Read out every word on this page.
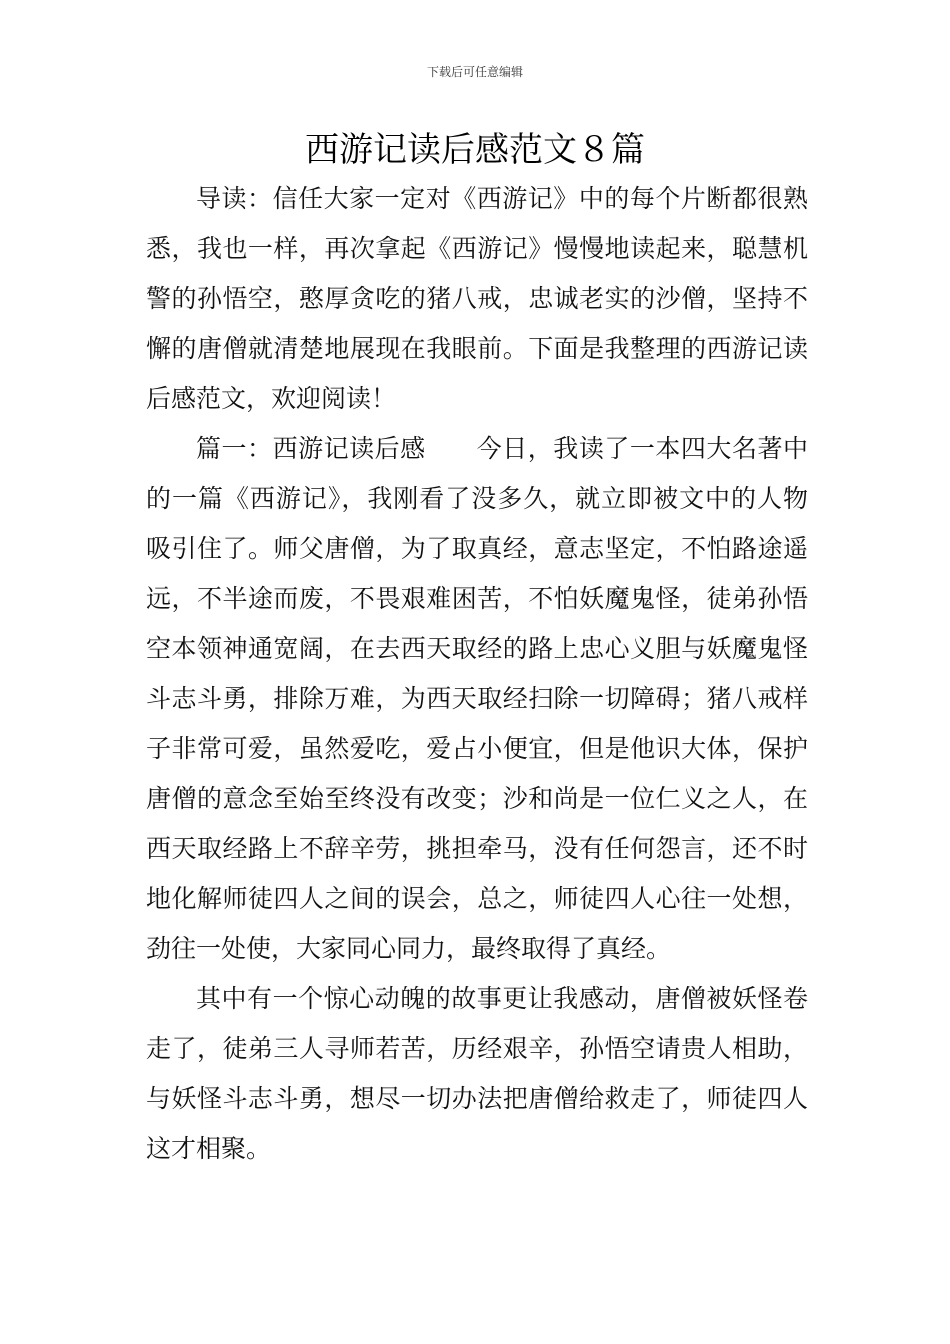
下载后可任意编辑
西游记读后感范文８篇

导读：信任大家一定对《西游记》中的每个片断都很熟悉，我也一样，再次拿起《西游记》慢慢地读起来，聪慧机警的孙悟空，憨厚贪吃的猪八戒，忠诚老实的沙僧，坚持不懈的唐僧就清楚地展现在我眼前。下面是我整理的西游记读后感范文，欢迎阅读！

篇一：西游记读后感　　今日，我读了一本四大名著中的一篇《西游记》，我刚看了没多久，就立即被文中的人物吸引住了。师父唐僧，为了取真经，意志坚定，不怕路途遥远，不半途而废，不畏艰难困苦，不怕妖魔鬼怪，徒弟孙悟空本领神通宽阔，在去西天取经的路上忠心义胆与妖魔鬼怪斗志斗勇，排除万难，为西天取经扫除一切障碍；猪八戒样子非常可爱，虽然爱吃，爱占小便宜，但是他识大体，保护唐僧的意念至始至终没有改变；沙和尚是一位仁义之人，在西天取经路上不辞辛劳，挑担牵马，没有任何怨言，还不时地化解师徒四人之间的误会，总之，师徒四人心往一处想，劲往一处使，大家同心同力，最终取得了真经。

其中有一个惊心动魄的故事更让我感动，唐僧被妖怪卷走了，徒弟三人寻师若苦，历经艰辛，孙悟空请贵人相助，与妖怪斗志斗勇，想尽一切办法把唐僧给救走了，师徒四人这才相聚。
